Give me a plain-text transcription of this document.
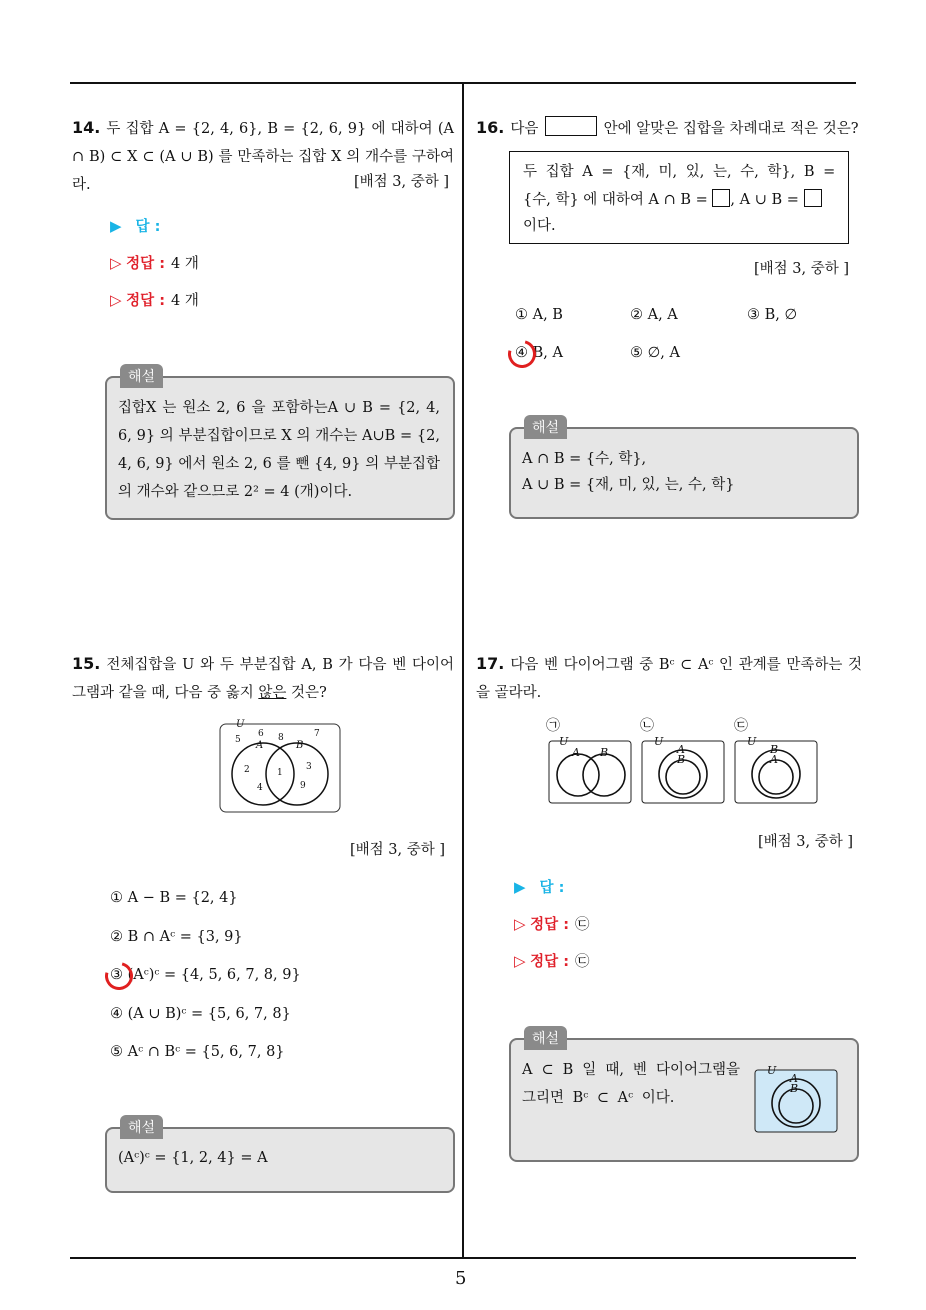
5
14. 두 집합 A = {2, 4, 6}, B = {2, 6, 9} 에 대하여 (A ∩ B) ⊂ X ⊂ (A ∪ B) 를 만족하는 집합 X 의 개수를 구하여라.	[배점 3, 중하 ]
▶ 답 :
▷ 정답 : 4 개
▷ 정답 : 4 개
해설
집합X 는 원소 2, 6 을 포함하는A ∪ B = {2, 4, 6, 9} 의 부분집합이므로 X 의 개수는 A∪B = {2, 4, 6, 9} 에서 원소 2, 6 를 뺀 {4, 9} 의 부분집합의 개수와 같으므로 2² = 4 (개)이다.
15. 전체집합을 U 와 두 부분집합 A, B 가 다음 벤 다이어그램과 같을 때, 다음 중 옳지 않은 것은?
U
A	B
5
6 8	7
2	1
3
4	9
[배점 3, 중하 ]
① A − B = {2, 4}
② B ∩ Aᶜ = {3, 9}
③ (Aᶜ)ᶜ = {4, 5, 6, 7, 8, 9}
④ (A ∪ B)ᶜ = {5, 6, 7, 8}
⑤ Aᶜ ∩ Bᶜ = {5, 6, 7, 8}
해설
(Aᶜ)ᶜ = {1, 2, 4} = A
16. 다음	안에 알맞은 집합을 차례대로 적은 것은?
두 집합 A = {재, 미, 있, 는, 수, 학}, B =
{수, 학} 에 대하여 A ∩ B = , A ∪ B =
이다.
[배점 3, 중하 ]
① A, B	② A, A	③ B, ∅
④ B, A	⑤ ∅, A
해설
A ∩ B = {수, 학},
A ∪ B = {재, 미, 있, 는, 수, 학}
17. 다음 벤 다이어그램 중 Bᶜ ⊂ Aᶜ 인 관계를 만족하는 것을 골라라.
㉠	㉡	㉢
U
A B
U
A
B
U
B
A
[배점 3, 중하 ]
▶ 답 :
▷ 정답 : ㉢
▷ 정답 : ㉢
해설
A ⊂ B 일 때, 벤 다이어그램을 그리면 Bᶜ ⊂ Aᶜ 이다.
U
A
B
